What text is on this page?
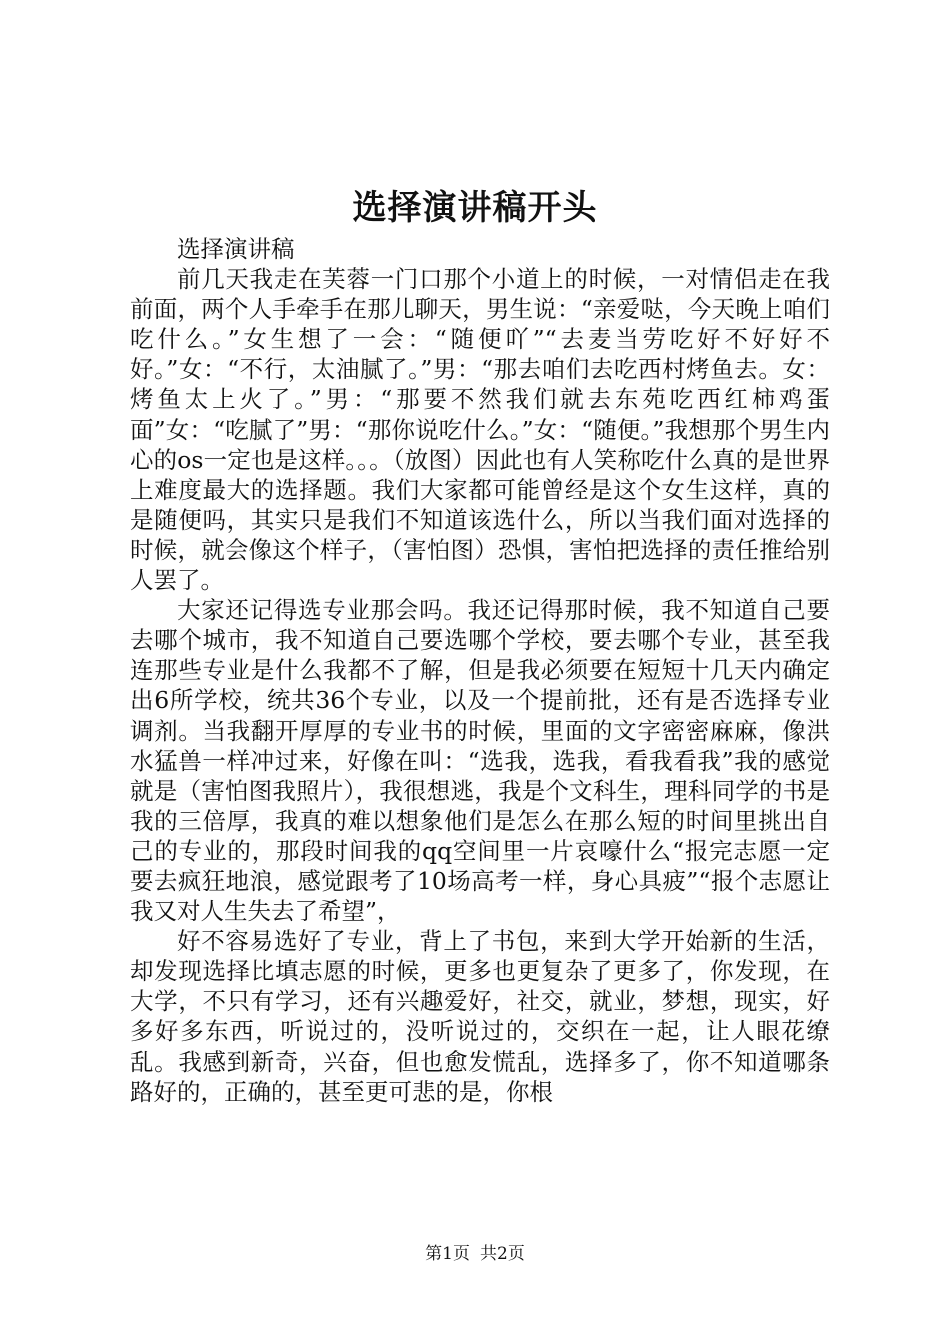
选择演讲稿开头

选择演讲稿

前几天我走在芙蓉一门口那个小道上的时候，一对情侣走在我前面，两个人手牵手在那儿聊天，男生说：“亲爱哒，今天晚上咱们吃什么。”女生想了一会：“随便吖”“去麦当劳吃好不好好不好。”女：“不行，太油腻了。”男：“那去咱们去吃西村烤鱼去。女：烤鱼太上火了。”男：“那要不然我们就去东苑吃西红柿鸡蛋面”女：“吃腻了”男：“那你说吃什么。”女：“随便。”我想那个男生内心的os一定也是这样。。。（放图）因此也有人笑称吃什么真的是世界上难度最大的选择题。我们大家都可能曾经是这个女生这样，真的是随便吗，其实只是我们不知道该选什么，所以当我们面对选择的时候，就会像这个样子，（害怕图）恐惧，害怕把选择的责任推给别人罢了。

大家还记得选专业那会吗。我还记得那时候，我不知道自己要去哪个城市，我不知道自己要选哪个学校，要去哪个专业，甚至我连那些专业是什么我都不了解，但是我必须要在短短十几天内确定出6所学校，统共36个专业，以及一个提前批，还有是否选择专业调剂。当我翻开厚厚的专业书的时候，里面的文字密密麻麻，像洪水猛兽一样冲过来，好像在叫：“选我，选我，看我看我”我的感觉就是（害怕图我照片），我很想逃，我是个文科生，理科同学的书是我的三倍厚，我真的难以想象他们是怎么在那么短的时间里挑出自己的专业的，那段时间我的qq空间里一片哀嚎什么“报完志愿一定要去疯狂地浪，感觉跟考了10场高考一样，身心具疲”“报个志愿让我又对人生失去了希望”，

好不容易选好了专业，背上了书包，来到大学开始新的生活，却发现选择比填志愿的时候，更多也更复杂了更多了，你发现，在大学，不只有学习，还有兴趣爱好，社交，就业，梦想，现实，好多好多东西，听说过的，没听说过的，交织在一起，让人眼花缭乱。我感到新奇，兴奋，但也愈发慌乱，选择多了，你不知道哪条路好的，正确的，甚至更可悲的是，你根

第1页 共2页
